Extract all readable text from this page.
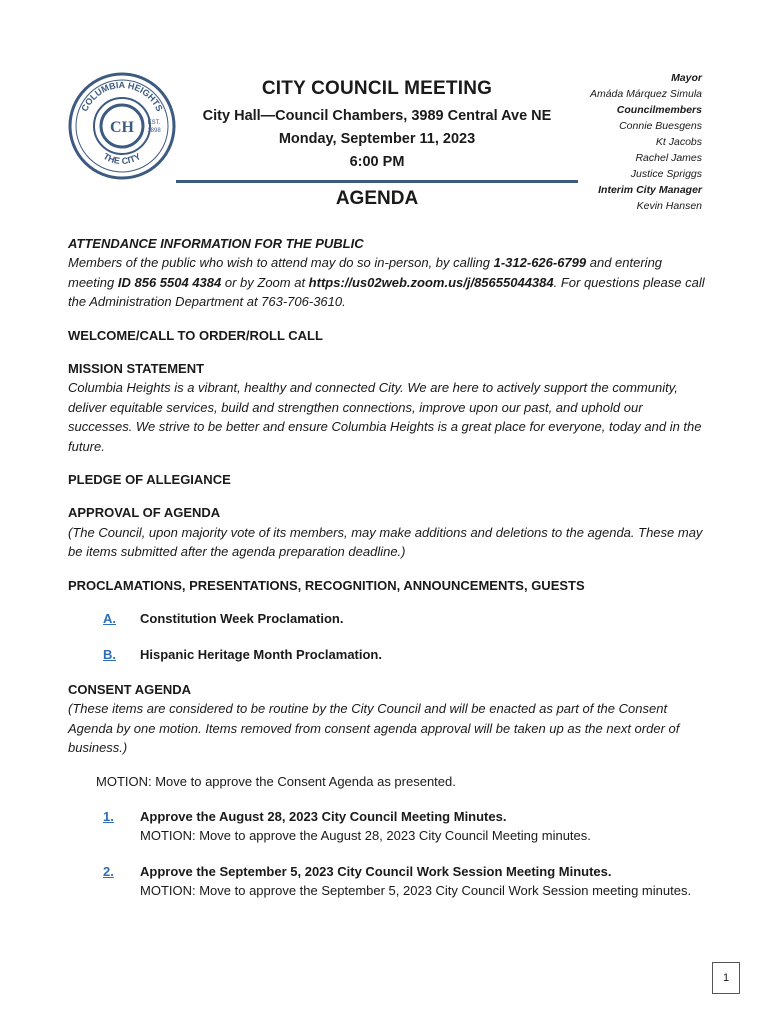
COLUMBIA HEIGHTS
THE CITY
EST.
1898
CH
CITY COUNCIL MEETING
City Hall—Council Chambers, 3989 Central Ave NE
Monday, September 11, 2023
6:00 PM
AGENDA
Mayor
Amáda Márquez Simula
Councilmembers
Connie Buesgens
Kt Jacobs
Rachel James
Justice Spriggs
Interim City Manager
Kevin Hansen
ATTENDANCE INFORMATION FOR THE PUBLIC
Members of the public who wish to attend may do so in-person, by calling 1-312-626-6799 and entering meeting ID 856 5504 4384 or by Zoom at https://us02web.zoom.us/j/85655044384. For questions please call the Administration Department at 763-706-3610.
WELCOME/CALL TO ORDER/ROLL CALL
MISSION STATEMENT
Columbia Heights is a vibrant, healthy and connected City. We are here to actively support the community, deliver equitable services, build and strengthen connections, improve upon our past, and uphold our successes. We strive to be better and ensure Columbia Heights is a great place for everyone, today and in the future.
PLEDGE OF ALLEGIANCE
APPROVAL OF AGENDA
(The Council, upon majority vote of its members, may make additions and deletions to the agenda. These may be items submitted after the agenda preparation deadline.)
PROCLAMATIONS, PRESENTATIONS, RECOGNITION, ANNOUNCEMENTS, GUESTS
A.	Constitution Week Proclamation.
B.	Hispanic Heritage Month Proclamation.
CONSENT AGENDA
(These items are considered to be routine by the City Council and will be enacted as part of the Consent Agenda by one motion. Items removed from consent agenda approval will be taken up as the next order of business.)
MOTION: Move to approve the Consent Agenda as presented.
1.	Approve the August 28, 2023 City Council Meeting Minutes.
MOTION: Move to approve the August 28, 2023 City Council Meeting minutes.
2.	Approve the September 5, 2023 City Council Work Session Meeting Minutes.
MOTION: Move to approve the September 5, 2023 City Council Work Session meeting minutes.
1
